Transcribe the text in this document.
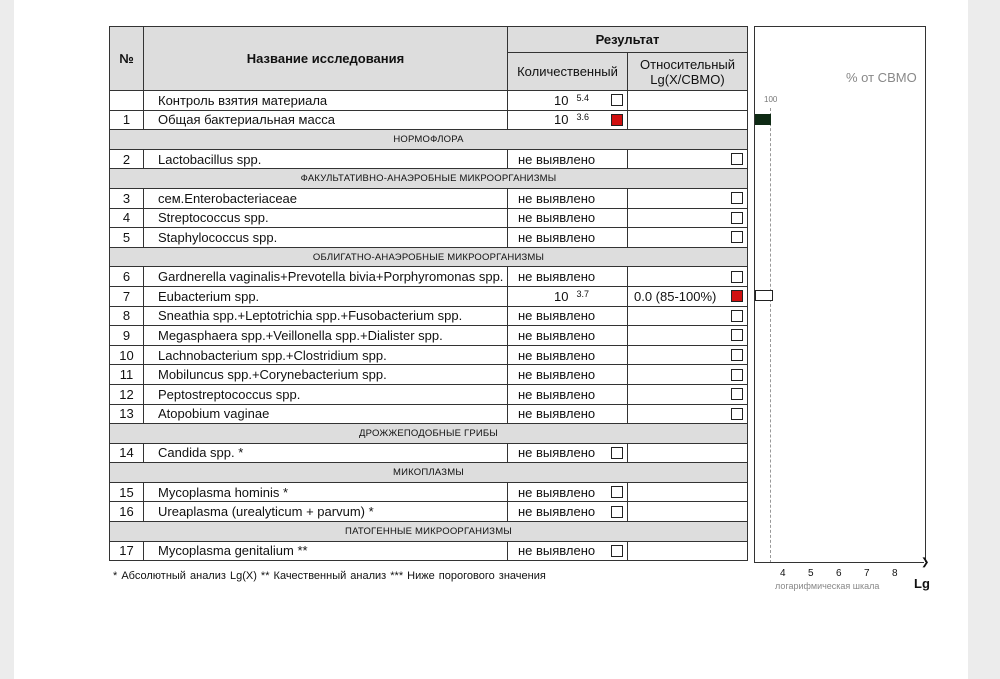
№	Название исследования	Результат	
		Количественный	Относительный
Lg(X/СВМО)
	Контроль взятия материала	10 $^{5.4}$

1	Общая бактериальная масса	10 $^{3.6}$

НОРМОФЛОРА			
2	Lactobacillus spp.	не выявлено	

ФАКУЛЬТАТИВНО-АНАЭРОБНЫЕ МИКРООРГАНИЗМЫ			
3	сем.Enterobacteriaceae	не выявлено	

4	Streptococcus spp.	не выявлено	

5	Staphylococcus spp.	не выявлено	

ОБЛИГАТНО-АНАЭРОБНЫЕ МИКРООРГАНИЗМЫ			
6	Gardnerella vaginalis+Prevotella bivia+Porphyromonas spp.	не выявлено	

7	Eubacterium spp.	10 $^{3.7}$	0.0 (85-100%)

8	Sneathia spp.+Leptotrichia spp.+Fusobacterium spp.	не выявлено	

9	Megasphaera spp.+Veillonella spp.+Dialister spp.	не выявлено	

10	Lachnobacterium spp.+Clostridium spp.	не выявлено	

11	Mobiluncus spp.+Corynebacterium spp.	не выявлено	

12	Peptostreptococcus spp.	не выявлено	

13	Atopobium vaginae	не выявлено	

ДРОЖЖЕПОДОБНЫЕ ГРИБЫ			
14	Candida spp. *	не выявлено

МИКОПЛАЗМЫ			
15	Mycoplasma hominis *	не выявлено

16	Ureaplasma (urealyticum + parvum) *	не выявлено

ПАТОГЕННЫЕ МИКРООРГАНИЗМЫ			
17	Mycoplasma genitalium **	не выявлено

% от СВМО
100
❯
4 5 6 7 8
логарифмическая шкала	Lg
* Абсолютный анализ Lg(X) ** Качественный анализ *** Ниже порогового значения
